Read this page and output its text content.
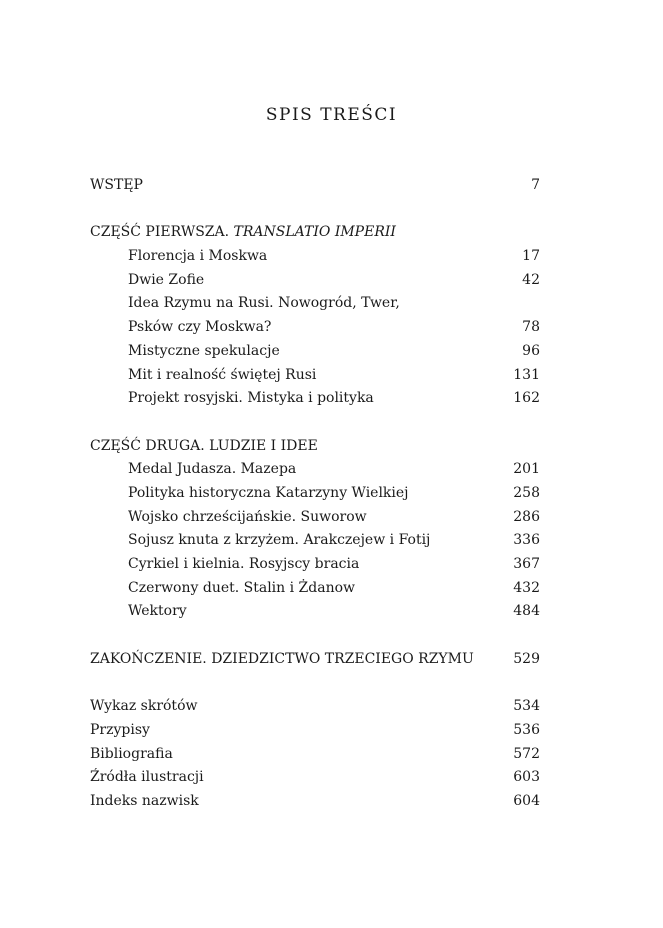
SPIS TREŚCI
WSTĘP	7
CZĘŚĆ PIERWSZA. TRANSLATIO IMPERII
Florencja i Moskwa	17
Dwie Zofie	42
Idea Rzymu na Rusi. Nowogród, Twer,
Psków czy Moskwa?	78
Mistyczne spekulacje	96
Mit i realność świętej Rusi	131
Projekt rosyjski. Mistyka i polityka	162
CZĘŚĆ DRUGA. LUDZIE I IDEE
Medal Judasza. Mazepa	201
Polityka historyczna Katarzyny Wielkiej	258
Wojsko chrześcijańskie. Suworow	286
Sojusz knuta z krzyżem. Arakczejew i Fotij	336
Cyrkiel i kielnia. Rosyjscy bracia	367
Czerwony duet. Stalin i Żdanow	432
Wektory	484
ZAKOŃCZENIE. DZIEDZICTWO TRZECIEGO RZYMU	529
Wykaz skrótów	534
Przypisy	536
Bibliografia	572
Źródła ilustracji	603
Indeks nazwisk	604
